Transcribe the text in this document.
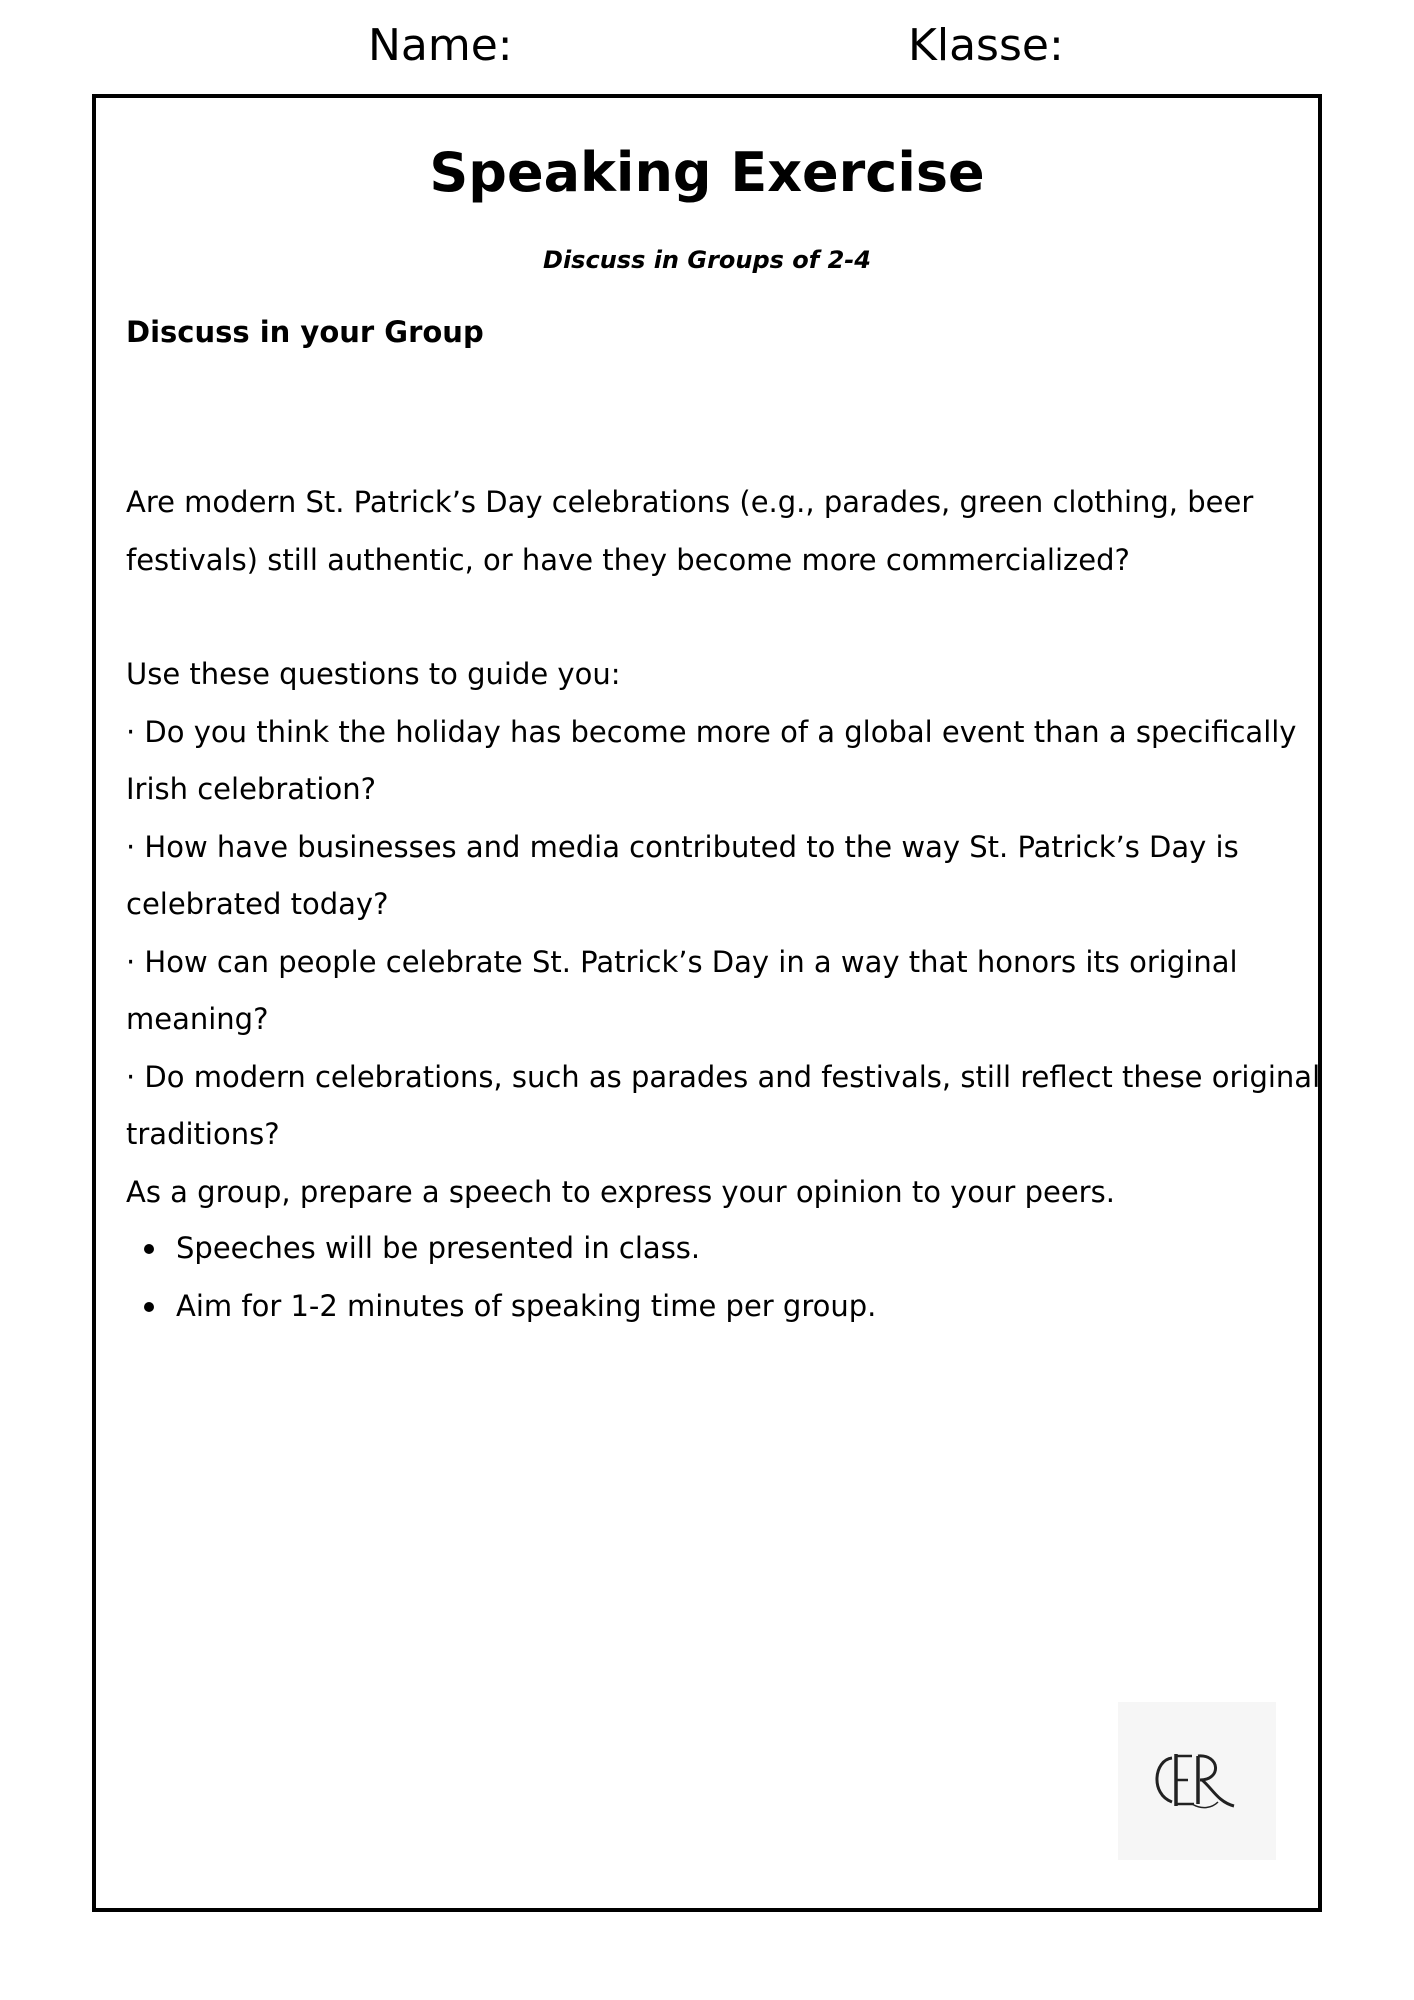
Name:	Klasse:
Speaking Exercise
Discuss in Groups of 2-4
Discuss in your Group
Are modern St. Patrick’s Day celebrations (e.g., parades, green clothing, beer
festivals) still authentic, or have they become more commercialized?
Use these questions to guide you:
· Do you think the holiday has become more of a global event than a specifically
Irish celebration?
· How have businesses and media contributed to the way St. Patrick’s Day is
celebrated today?
· How can people celebrate St. Patrick’s Day in a way that honors its original
meaning?
· Do modern celebrations, such as parades and festivals, still reflect these original
traditions?
As a group, prepare a speech to express your opinion to your peers.
Speeches will be presented in class.
Aim for 1-2 minutes of speaking time per group.
